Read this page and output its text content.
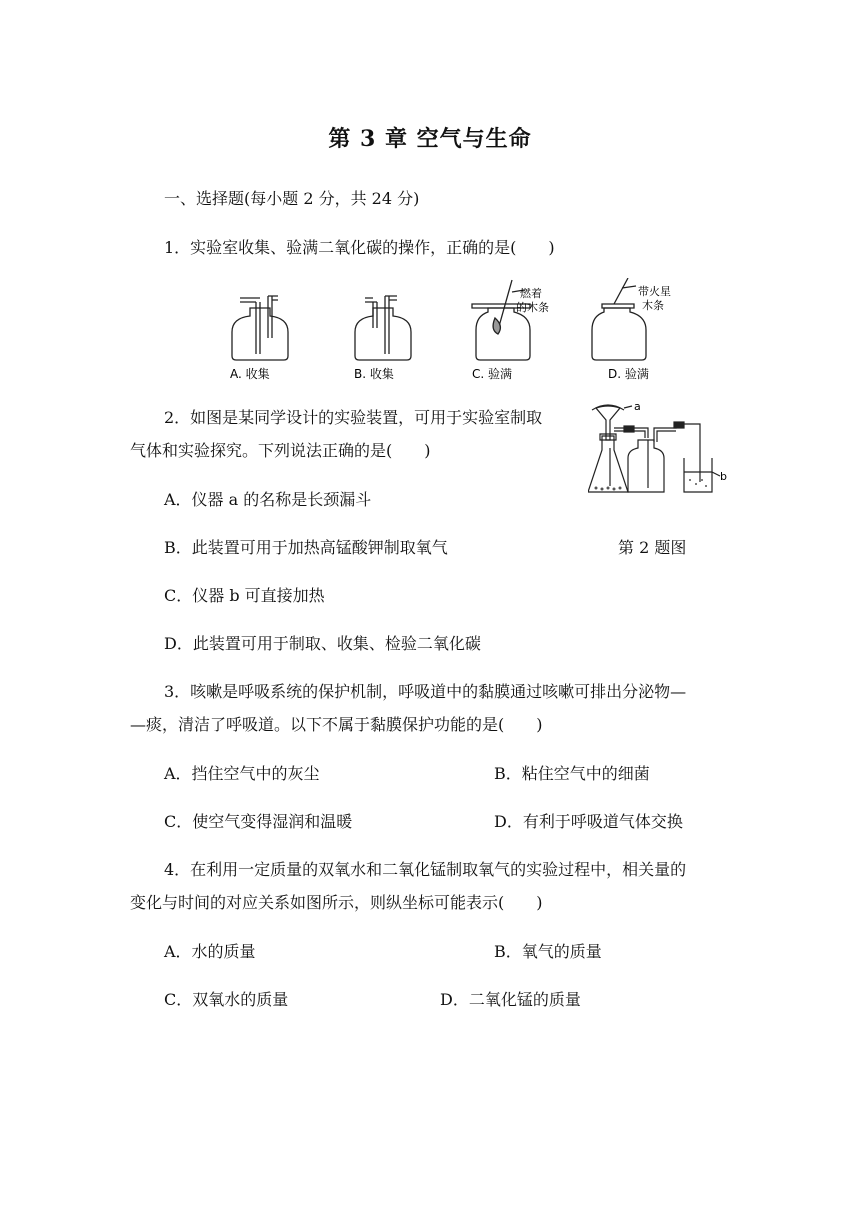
第 3 章 空气与生命
一、选择题(每小题 2 分，共 24 分)
1．实验室收集、验满二氧化碳的操作，正确的是(　　)
燃着
的木条
带火星
木条
A. 收集	B. 收集	C. 验满	D. 验满
2．如图是某同学设计的实验装置，可用于实验室制取
气体和实验探究。下列说法正确的是(　　)
a
b
A．仪器 a 的名称是长颈漏斗
B．此装置可用于加热高锰酸钾制取氧气	第 2 题图
C．仪器 b 可直接加热
D．此装置可用于制取、收集、检验二氧化碳
3．咳嗽是呼吸系统的保护机制，呼吸道中的黏膜通过咳嗽可排出分泌物—
—痰，清洁了呼吸道。以下不属于黏膜保护功能的是(　　)
A．挡住空气中的灰尘	B．粘住空气中的细菌
C．使空气变得湿润和温暖	D．有利于呼吸道气体交换
4．在利用一定质量的双氧水和二氧化锰制取氧气的实验过程中，相关量的
变化与时间的对应关系如图所示，则纵坐标可能表示(　　)
A．水的质量	B．氧气的质量
C．双氧水的质量	D．二氧化锰的质量
